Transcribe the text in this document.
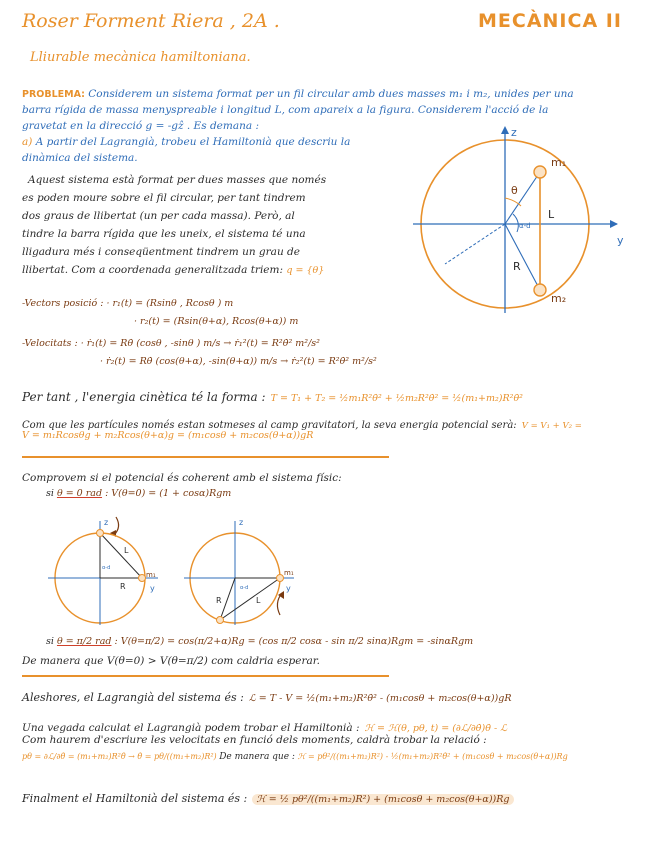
Roser Forment Riera , 2A .	MECÀNICA II
Lliurable mecànica hamiltoniana.
PROBLEMA: Considerem un sistema format per un fil circular amb dues masses m₁ i m₂, unides per una
barra rígida de massa menyspreable i longitud L, com apareix a la figura. Considerem l'acció de la
gravetat en la direcció g = -gẑ . Es demana :
a) A partir del Lagrangià, trobeu el Hamiltonià que descriu la
dinàmica del sistema.
Aquest sistema està format per dues masses que només
es poden moure sobre el fil circular, per tant tindrem
dos graus de llibertat (un per cada massa). Però, al
tindre la barra rígida que les uneix, el sistema té una
lligadura més i conseqüentment tindrem un grau de
llibertat. Com a coordenada generalitzada triem: q = {θ}
z
y
m₁
m₂
θ
L
R
α-d
-Vectors posició : · r₁(t) = (Rsinθ , Rcosθ ) m
· r₂(t) = (Rsin(θ+α), Rcos(θ+α)) m
-Velocitats : · ṙ₁(t) = Rθ̇ (cosθ , -sinθ ) m/s → ṙ₁²(t) = R²θ̇² m²/s²
· ṙ₂(t) = Rθ̇ (cos(θ+α), -sin(θ+α)) m/s → ṙ₂²(t) = R²θ̇² m²/s²
Per tant , l'energia cinètica té la forma : T = T₁ + T₂ = ½m₁R²θ̇² + ½m₂R²θ̇² = ½(m₁+m₂)R²θ̇²
Com que les partícules només estan sotmeses al camp gravitatori, la seva energia potencial serà: V = V₁ + V₂ =
V = m₁Rcosθg + m₂Rcos(θ+α)g = (m₁cosθ + m₂cos(θ+α))gR
Comprovem si el potencial és coherent amb el sistema físic:
si θ = 0 rad : V(θ=0) = (1 + cosα)Rgm
z
y
m₁
L
R
α-d
z
y
m₁
L
R
α-d
si θ = π/2 rad : V(θ=π/2) = cos(π/2+α)Rg = (cos π/2 cosα - sin π/2 sinα)Rgm = -sinαRgm
De manera que V(θ=0) > V(θ=π/2) com caldria esperar.
Aleshores, el Lagrangià del sistema és : ℒ = T - V = ½(m₁+m₂)R²θ̇² - (m₁cosθ + m₂cos(θ+α))gR
Una vegada calculat el Lagrangià podem trobar el Hamiltonià : ℋ = ℋ(θ, pθ, t) = (∂ℒ/∂θ̇)θ̇ - ℒ
Com haurem d'escriure les velocitats en funció dels moments, caldrà trobar la relació :
pθ = ∂ℒ/∂θ̇ = (m₁+m₂)R²θ̇ → θ̇ = pθ/((m₁+m₂)R²) De manera que : ℋ = pθ²/((m₁+m₂)R²) - ½(m₁+m₂)R²θ̇² + (m₁cosθ + m₂cos(θ+α))Rg
Finalment el Hamiltonià del sistema és : ℋ = ½ pθ²/((m₁+m₂)R²) + (m₁cosθ + m₂cos(θ+α))Rg
